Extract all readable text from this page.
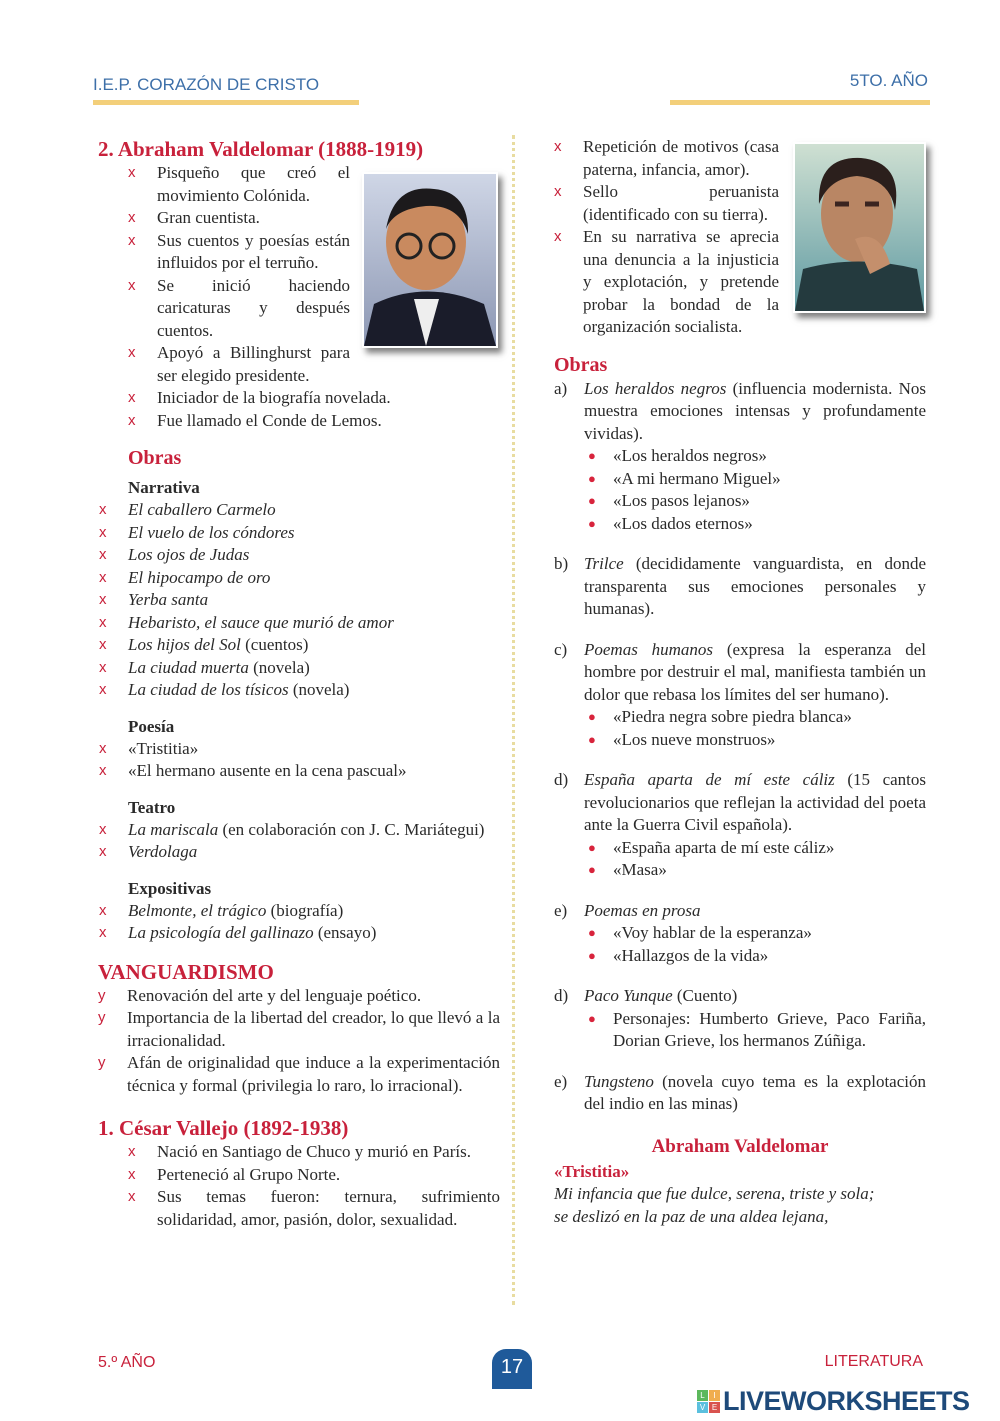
I.E.P. CORAZÓN DE CRISTO	5TO. AÑO
2. Abraham Valdelomar (1888-1919)
x Pisqueño que creó el movimiento Colónida.
x Gran cuentista.
x Sus cuentos y poesías están influidos por el terruño.
x Se inició haciendo caricaturas y después cuentos.
x Apoyó a Billinghurst para ser elegido presidente.
x Iniciador de la biografía novelada.
x Fue llamado el Conde de Lemos.
Obras
Narrativa
x El caballero Carmelo
x El vuelo de los cóndores
x Los ojos de Judas
x El hipocampo de oro
x Yerba santa
x Hebaristo, el sauce que murió de amor
x Los hijos del Sol (cuentos)
x La ciudad muerta (novela)
x La ciudad de los tísicos (novela)
Poesía
x «Tristitia»
x «El hermano ausente en la cena pascual»
Teatro
x La mariscala (en colaboración con J. C. Mariátegui)
x Verdolaga
Expositivas
x Belmonte, el trágico (biografía)
x La psicología del gallinazo (ensayo)
VANGUARDISMO
y Renovación del arte y del lenguaje poético.
y Importancia de la libertad del creador, lo que llevó a la irracionalidad.
y Afán de originalidad que induce a la experimentación técnica y formal (privilegia lo raro, lo irracional).
1. César Vallejo (1892-1938)
x Nació en Santiago de Chuco y murió en París.
x Perteneció al Grupo Norte.
x Sus temas fueron: ternura, sufrimiento solidaridad, amor, pasión, dolor, sexualidad.
x Repetición de motivos (casa paterna, infancia, amor).
x Sello peruanista (identificado con su tierra).
x En su narrativa se aprecia una denuncia a la injusticia y explotación, y pretende probar la bondad de la organización socialista.
Obras
a) Los heraldos negros (influencia modernista. Nos muestra emociones intensas y profundamente vividas).
● «Los heraldos negros»
● «A mi hermano Miguel»
● «Los pasos lejanos»
● «Los dados eternos»
b) Trilce (decididamente vanguardista, en donde transparenta sus emociones personales y humanas).
c) Poemas humanos (expresa la esperanza del hombre por destruir el mal, manifiesta también un dolor que rebasa los límites del ser humano).
● «Piedra negra sobre piedra blanca»
● «Los nueve monstruos»
d) España aparta de mí este cáliz (15 cantos revolucionarios que reflejan la actividad del poeta ante la Guerra Civil española).
● «España aparta de mí este cáliz»
● «Masa»
e) Poemas en prosa
● «Voy hablar de la esperanza»
● «Hallazgos de la vida»
d) Paco Yunque (Cuento)
● Personajes: Humberto Grieve, Paco Fariña, Dorian Grieve, los hermanos Zúñiga.
e) Tungsteno (novela cuyo tema es la explotación del indio en las minas)
Abraham Valdelomar
«Tristitia»
Mi infancia que fue dulce, serena, triste y sola;
se deslizó en la paz de una aldea lejana,
5.º AÑO	17	LITERATURA
L	I
V E LIVEWORKSHEETS
